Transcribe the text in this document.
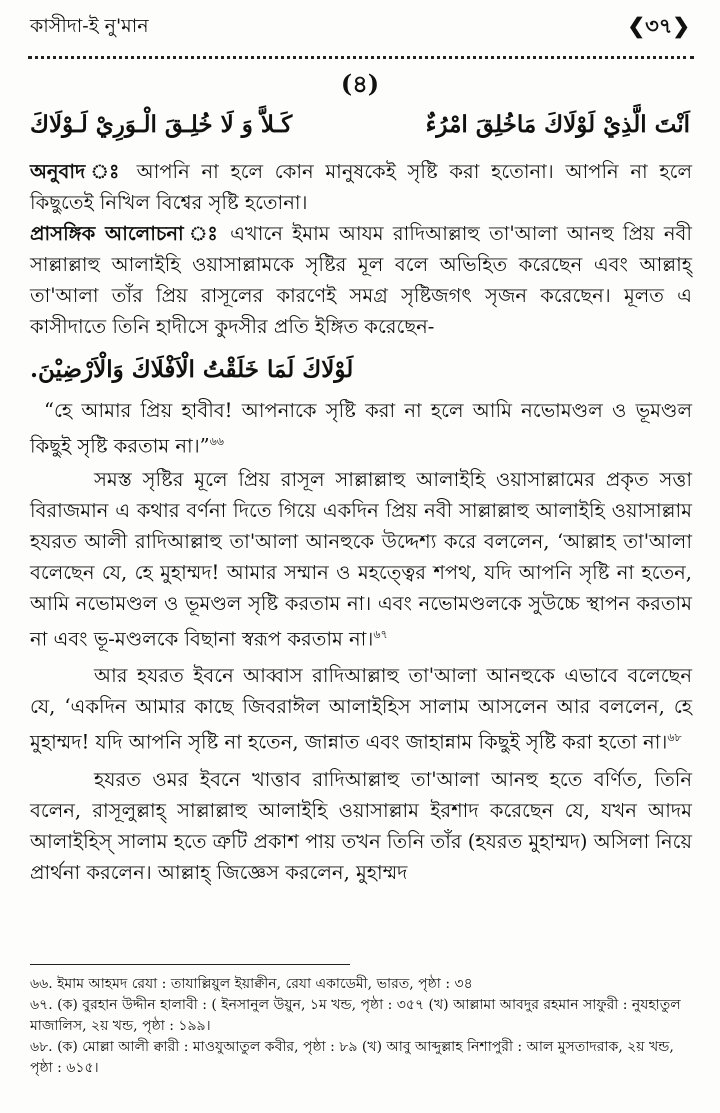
কাসীদা-ই নু'মান	❮৩৭❯
(৪)
اَنْتَ الَّذِيْ لَوْلَاكَ مَاخُلِقَ امْرُءٌ
كَـلاَّ وَ لَا خُلِـقَ الْـوَرِيْ لَـوْلَاكَ

অনুবাদ ঃ আপনি না হলে কোন মানুষকেই সৃষ্টি করা হতোনা। আপনি না হলে কিছুতেই নিখিল বিশ্বের সৃষ্টি হতোনা।

প্রাসঙ্গিক আলোচনা ঃ এখানে ইমাম আযম রাদিআল্লাহু তা'আলা আনহু প্রিয় নবী সাল্লাল্লাহু আলাইহি ওয়াসাল্লামকে সৃষ্টির মূল বলে অভিহিত করেছেন এবং আল্লাহ্ তা'আলা তাঁর প্রিয় রাসূলের কারণেই সমগ্র সৃষ্টিজগৎ সৃজন করেছেন। মূলত এ কাসীদাতে তিনি হাদীসে কুদসীর প্রতি ইঙ্গিত করেছেন-

لَوْلَاكَ لَمَا خَلَقْتُ الْاَفْلَاكَ وَالْاَرْضِيْنَ.

“হে আমার প্রিয় হাবীব! আপনাকে সৃষ্টি করা না হলে আমি নভোমণ্ডল ও ভূমণ্ডল কিছুই সৃষ্টি করতাম না।”$^{৬৬}$

সমস্ত সৃষ্টির মূলে প্রিয় রাসূল সাল্লাল্লাহু আলাইহি ওয়াসাল্লামের প্রকৃত সত্তা বিরাজমান এ কথার বর্ণনা দিতে গিয়ে একদিন প্রিয় নবী সাল্লাল্লাহু আলাইহি ওয়াসাল্লাম হযরত আলী রাদিআল্লাহু তা'আলা আনহুকে উদ্দেশ্য করে বললেন, ‘আল্লাহ তা'আলা বলেছেন যে, হে মুহাম্মদ! আমার সম্মান ও মহত্ত্বের শপথ, যদি আপনি সৃষ্টি না হতেন, আমি নভোমণ্ডল ও ভূমণ্ডল সৃষ্টি করতাম না। এবং নভোমণ্ডলকে সুউচ্চে স্থাপন করতাম না এবং ভূ-মণ্ডলকে বিছানা স্বরূপ করতাম না।$^{৬৭}$

আর হযরত ইবনে আব্বাস রাদিআল্লাহু তা'আলা আনহুকে এভাবে বলেছেন যে, ‘একদিন আমার কাছে জিবরাঈল আলাইহিস সালাম আসলেন আর বললেন, হে মুহাম্মদ! যদি আপনি সৃষ্টি না হতেন, জান্নাত এবং জাহান্নাম কিছুই সৃষ্টি করা হতো না।$^{৬৮}$

হযরত ওমর ইবনে খাত্তাব রাদিআল্লাহু তা'আলা আনহু হতে বর্ণিত, তিনি বলেন, রাসূলুল্লাহ্ সাল্লাল্লাহু আলাইহি ওয়াসাল্লাম ইরশাদ করেছেন যে, যখন আদম আলাইহিস্ সালাম হতে ত্রুটি প্রকাশ পায় তখন তিনি তাঁর (হযরত মুহাম্মদ) অসিলা নিয়ে প্রার্থনা করলেন। আল্লাহ্ জিজ্ঞেস করলেন, মুহাম্মদ

৬৬. ইমাম আহমদ রেযা : তাযাল্লিয়ুল ইয়াক্বীন, রেযা একাডেমী, ভারত, পৃষ্ঠা : ৩৪
৬৭. (ক) বুরহান উদ্দীন হালাবী : ( ইনসানুল উয়ুন, ১ম খন্ড, পৃষ্ঠা : ৩৫৭ (খ) আল্লামা আবদুর রহমান সাফুরী : নুযহাতুল মাজালিস, ২য় খন্ড, পৃষ্ঠা : ১৯৯।
৬৮. (ক) মোল্লা আলী ক্বারী : মাওযুআতুল কবীর, পৃষ্ঠা : ৮৯ (খ) আবু আব্দুল্লাহ নিশাপুরী : আল মুসতাদরাক, ২য় খন্ড, পৃষ্ঠা : ৬১৫।
